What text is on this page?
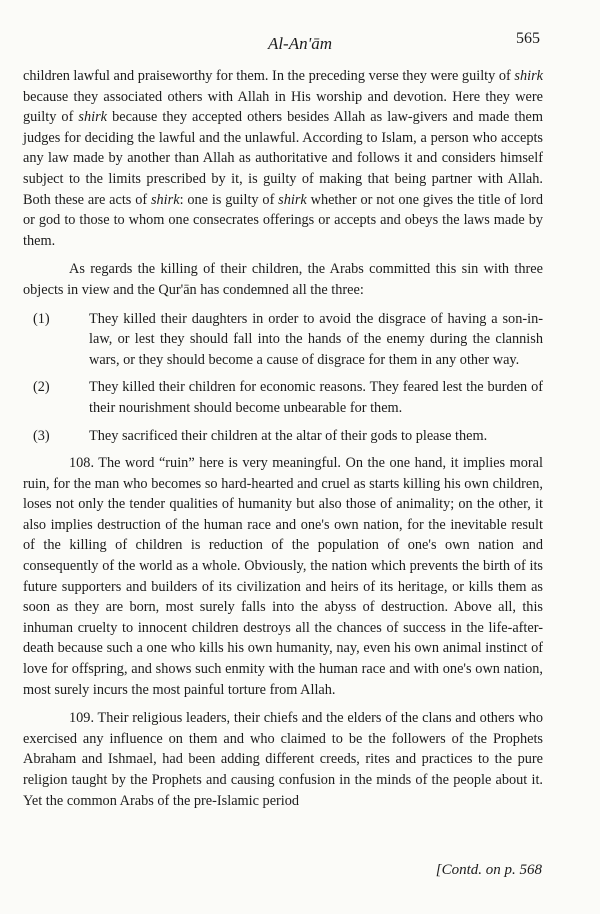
Al-An'ām	565

children lawful and praiseworthy for them. In the preceding verse they were guilty of shirk because they associated others with Allah in His worship and devotion. Here they were guilty of shirk because they accepted others besides Allah as law-givers and made them judges for deciding the lawful and the unlawful. According to Islam, a person who accepts any law made by another than Allah as authoritative and follows it and considers himself subject to the limits prescribed by it, is guilty of making that being partner with Allah. Both these are acts of shirk: one is guilty of shirk whether or not one gives the title of lord or god to those to whom one consecrates offerings or accepts and obeys the laws made by them.

As regards the killing of their children, the Arabs committed this sin with three objects in view and the Qur'ān has condemned all the three:

(1)	They killed their daughters in order to avoid the disgrace of having a son-in-law, or lest they should fall into the hands of the enemy during the clannish wars, or they should become a cause of disgrace for them in any other way.
(2)	They killed their children for economic reasons. They feared lest the burden of their nourishment should become unbearable for them.
(3)	They sacrificed their children at the altar of their gods to please them.

108. The word “ruin” here is very meaningful. On the one hand, it implies moral ruin, for the man who becomes so hard-hearted and cruel as starts killing his own children, loses not only the tender qualities of humanity but also those of animality; on the other, it also implies destruction of the human race and one's own nation, for the inevitable result of the killing of children is reduction of the population of one's own nation and consequently of the world as a whole. Obviously, the nation which prevents the birth of its future supporters and builders of its civilization and heirs of its heritage, or kills them as soon as they are born, most surely falls into the abyss of destruction. Above all, this inhuman cruelty to innocent children destroys all the chances of success in the life-after-death because such a one who kills his own humanity, nay, even his own animal instinct of love for offspring, and shows such enmity with the human race and with one's own nation, most surely incurs the most painful torture from Allah.

109. Their religious leaders, their chiefs and the elders of the clans and others who exercised any influence on them and who claimed to be the followers of the Prophets Abraham and Ishmael, had been adding different creeds, rites and practices to the pure religion taught by the Prophets and causing confusion in the minds of the people about it. Yet the common Arabs of the pre-Islamic period

[Contd. on p. 568
